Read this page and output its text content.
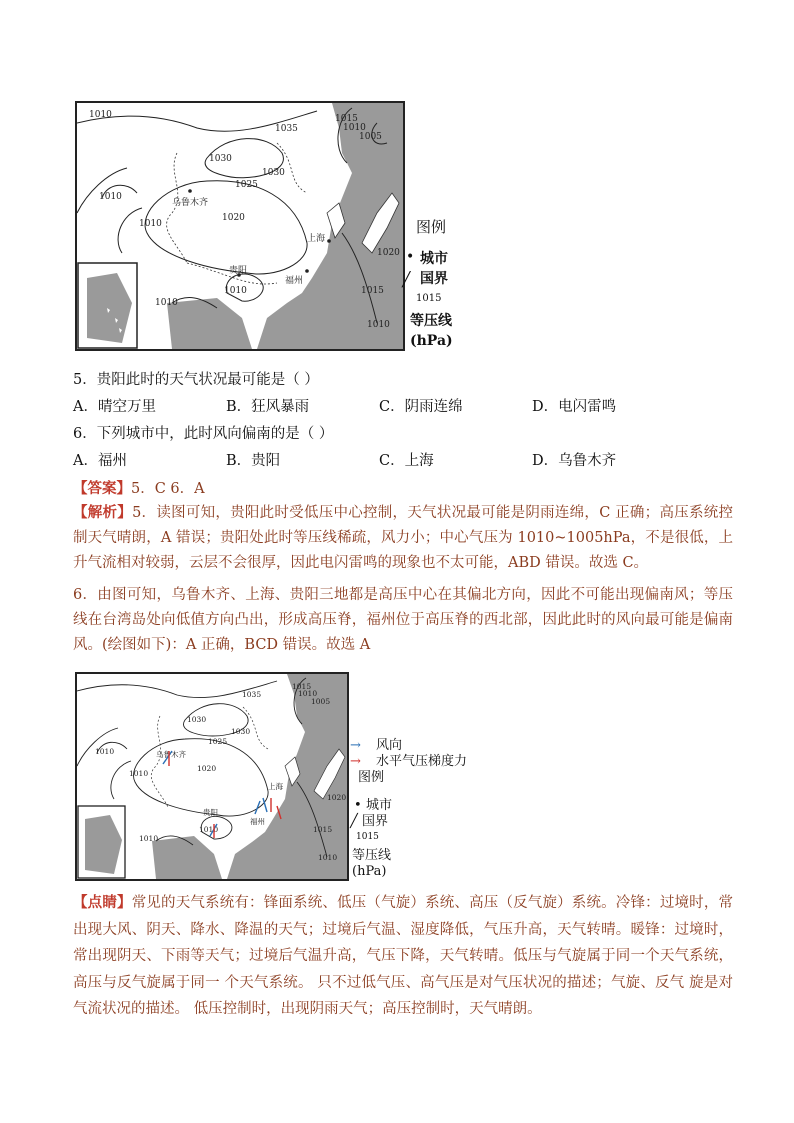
1010
1035
1015
1010
1005
1030
1030
1025
1020
1010
1010
1020
1015
1010
1010
1010
乌鲁木齐
上海
贵阳
福州
图例
• 城市
╱ 国界
1015
等压线
(hPa)
5．贵阳此时的天气状况最可能是（ ）
A．晴空万里	B．狂风暴雨	C．阴雨连绵	D．电闪雷鸣
6．下列城市中，此时风向偏南的是（ ）
A．福州	B．贵阳	C．上海	D．乌鲁木齐
【答案】5．C 6．A
【解析】5．读图可知，贵阳此时受低压中心控制，天气状况最可能是阴雨连绵，C 正确；高压系统控制天气晴朗，A 错误；贵阳处此时等压线稀疏，风力小；中心气压为 1010~1005hPa，不是很低，上升气流相对较弱，云层不会很厚，因此电闪雷鸣的现象也不太可能，ABD 错误。故选 C。
6．由图可知，乌鲁木齐、上海、贵阳三地都是高压中心在其偏北方向，因此不可能出现偏南风；等压线在台湾岛处向低值方向凸出，形成高压脊，福州位于高压脊的西北部，因此此时的风向最可能是偏南风。(绘图如下)：A 正确，BCD 错误。故选 A
1035
1015
1010
1005
1030
1030
1025
1020
1010
1010
1020
1010
1015
1010
1010
乌鲁木齐
上海
贵阳
福州
→ 风向
→ 水平气压梯度力
图例
• 城市
╱ 国界
1015
等压线
(hPa)
【点睛】常见的天气系统有：锋面系统、低压（气旋）系统、高压（反气旋）系统。冷锋：过境时，常出现大风、阴天、降水、降温的天气；过境后气温、湿度降低，气压升高，天气转晴。暖锋：过境时，常出现阴天、下雨等天气；过境后气温升高，气压下降，天气转晴。低压与气旋属于同一个天气系统，高压与反气旋属于同一 个天气系统。 只不过低气压、高气压是对气压状况的描述；气旋、反气 旋是对气流状况的描述。 低压控制时，出现阴雨天气；高压控制时，天气晴朗。
